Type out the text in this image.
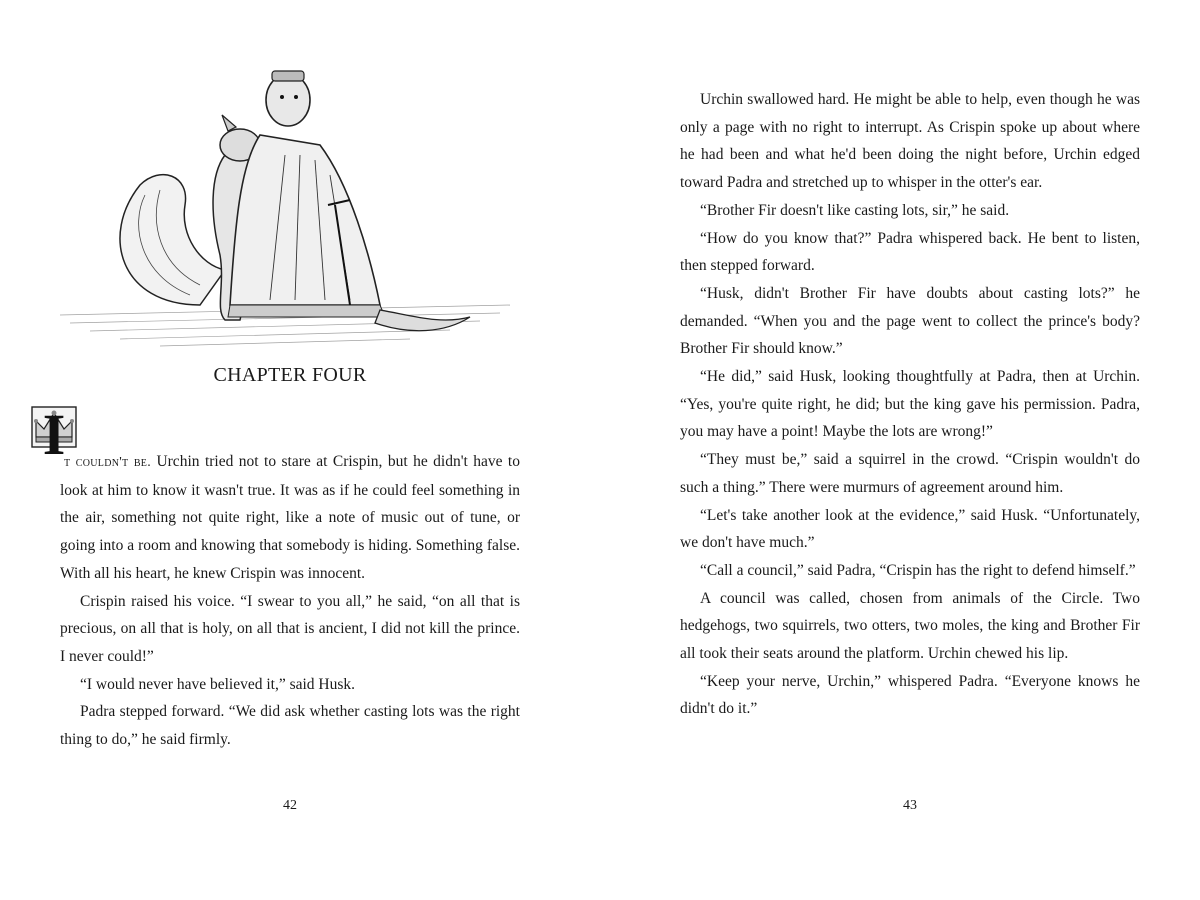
CHAPTER FOUR
I

t couldn't be. Urchin tried not to stare at Crispin, but he didn't have to look at him to know it wasn't true. It was as if he could feel something in the air, something not quite right, like a note of music out of tune, or going into a room and knowing that somebody is hiding. Something false. With all his heart, he knew Crispin was innocent.

Crispin raised his voice. “I swear to you all,” he said, “on all that is precious, on all that is holy, on all that is ancient, I did not kill the prince. I never could!”

“I would never have believed it,” said Husk.

Padra stepped forward. “We did ask whether casting lots was the right thing to do,” he said firmly.

42

Urchin swallowed hard. He might be able to help, even though he was only a page with no right to interrupt. As Crispin spoke up about where he had been and what he'd been doing the night before, Urchin edged toward Padra and stretched up to whisper in the otter's ear.

“Brother Fir doesn't like casting lots, sir,” he said.

“How do you know that?” Padra whispered back. He bent to listen, then stepped forward.

“Husk, didn't Brother Fir have doubts about casting lots?” he demanded. “When you and the page went to collect the prince's body? Brother Fir should know.”

“He did,” said Husk, looking thoughtfully at Padra, then at Urchin. “Yes, you're quite right, he did; but the king gave his permission. Padra, you may have a point! Maybe the lots are wrong!”

“They must be,” said a squirrel in the crowd. “Crispin wouldn't do such a thing.” There were murmurs of agreement around him.

“Let's take another look at the evidence,” said Husk. “Unfortunately, we don't have much.”

“Call a council,” said Padra, “Crispin has the right to defend himself.”

A council was called, chosen from animals of the Circle. Two hedgehogs, two squirrels, two otters, two moles, the king and Brother Fir all took their seats around the platform. Urchin chewed his lip.

“Keep your nerve, Urchin,” whispered Padra. “Everyone knows he didn't do it.”

43
